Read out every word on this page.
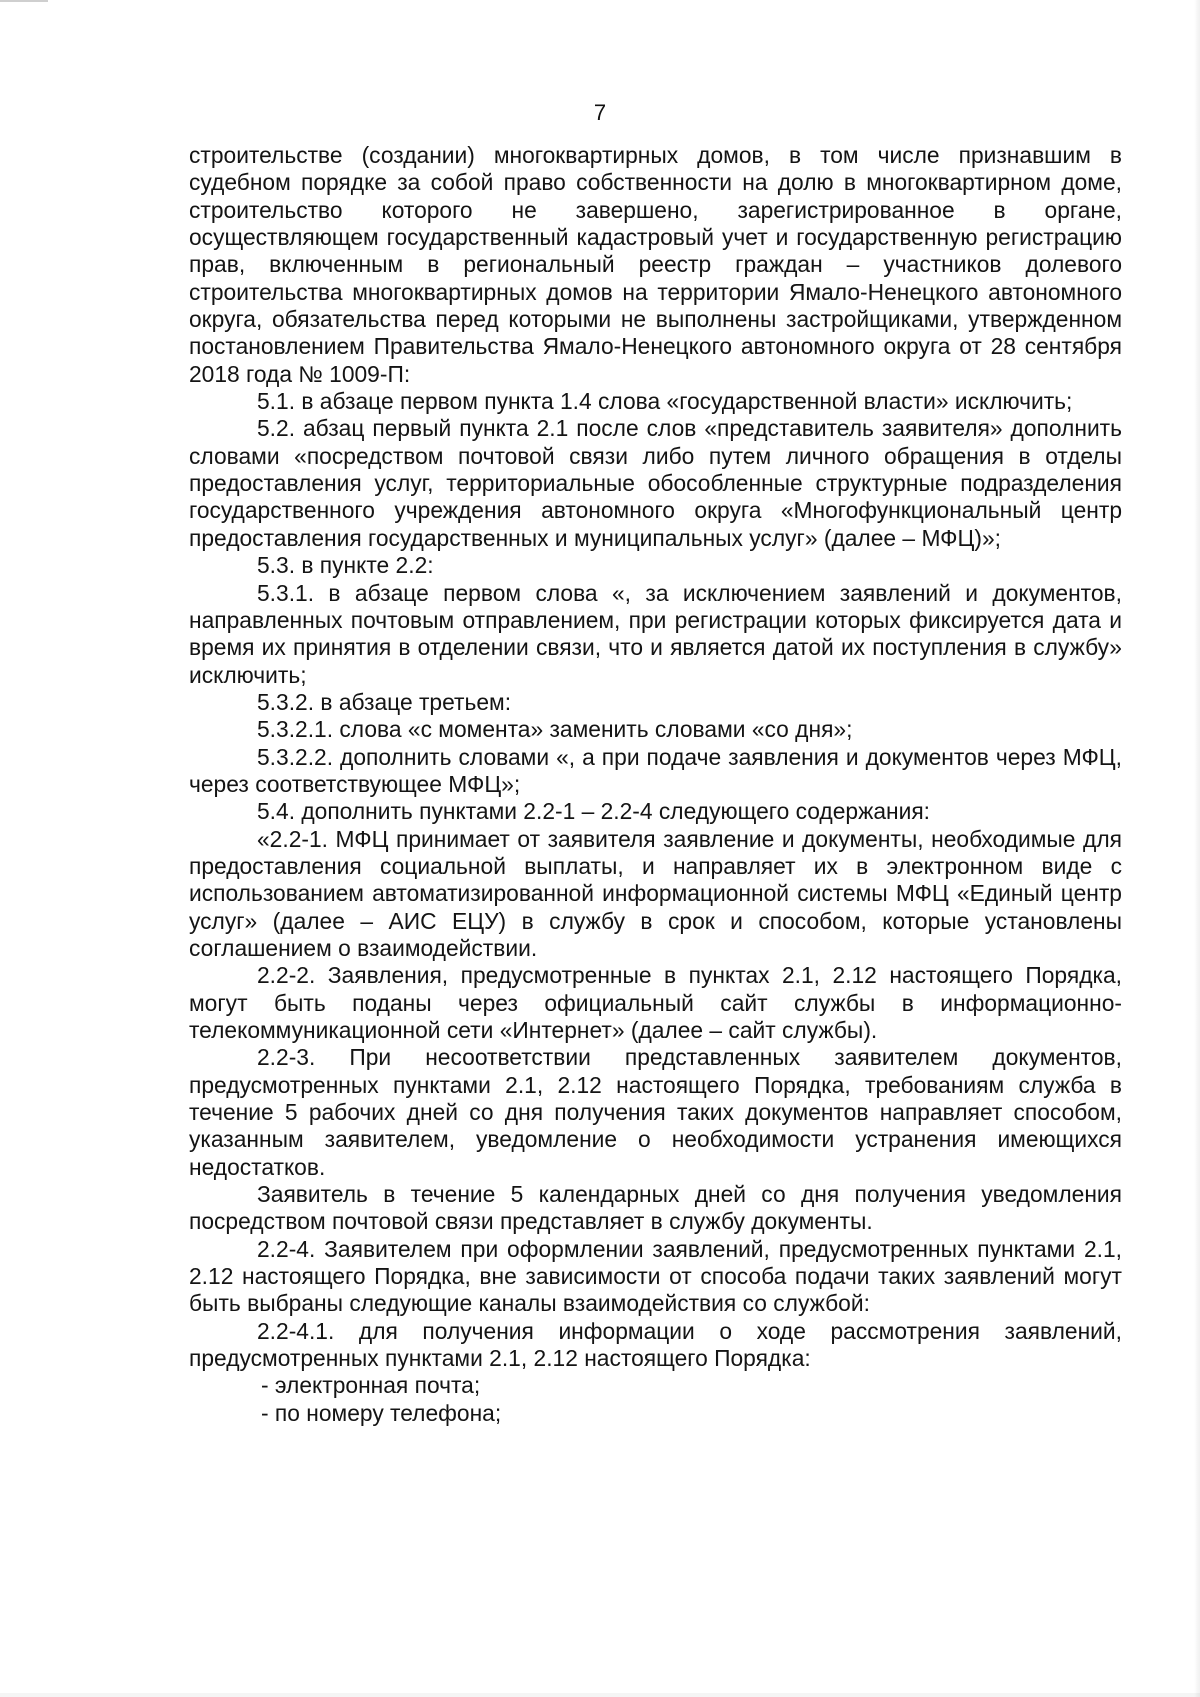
7

строительстве (создании) многоквартирных домов, в том числе признавшим в судебном порядке за собой право собственности на долю в многоквартирном доме, строительство которого не завершено, зарегистрированное в органе, осуществляющем государственный кадастровый учет и государственную регистрацию прав, включенным в региональный реестр граждан – участников долевого строительства многоквартирных домов на территории Ямало-Ненецкого автономного округа, обязательства перед которыми не выполнены застройщиками, утвержденном постановлением Правительства Ямало-Ненецкого автономного округа от 28 сентября 2018 года № 1009-П:

5.1. в абзаце первом пункта 1.4 слова «государственной власти» исключить;

5.2. абзац первый пункта 2.1 после слов «представитель заявителя» дополнить словами «посредством почтовой связи либо путем личного обращения в отделы предоставления услуг, территориальные обособленные структурные подразделения государственного учреждения автономного округа «Многофункциональный центр предоставления государственных и муниципальных услуг» (далее – МФЦ)»;

5.3. в пункте 2.2:

5.3.1. в абзаце первом слова «, за исключением заявлений и документов, направленных почтовым отправлением, при регистрации которых фиксируется дата и время их принятия в отделении связи, что и является датой их поступления в службу» исключить;

5.3.2. в абзаце третьем:

5.3.2.1. слова «с момента» заменить словами «со дня»;

5.3.2.2. дополнить словами «, а при подаче заявления и документов через МФЦ, через соответствующее МФЦ»;

5.4. дополнить пунктами 2.2-1 – 2.2-4 следующего содержания:

«2.2-1. МФЦ принимает от заявителя заявление и документы, необходимые для предоставления социальной выплаты, и направляет их в электронном виде с использованием автоматизированной информационной системы МФЦ «Единый центр услуг» (далее – АИС ЕЦУ) в службу в срок и способом, которые установлены соглашением о взаимодействии.

2.2-2. Заявления, предусмотренные в пунктах 2.1, 2.12 настоящего Порядка, могут быть поданы через официальный сайт службы в информационно-телекоммуникационной сети «Интернет» (далее – сайт службы).

2.2-3. При несоответствии представленных заявителем документов, предусмотренных пунктами 2.1, 2.12 настоящего Порядка, требованиям служба в течение 5 рабочих дней со дня получения таких документов направляет способом, указанным заявителем, уведомление о необходимости устранения имеющихся недостатков.

Заявитель в течение 5 календарных дней со дня получения уведомления посредством почтовой связи представляет в службу документы.

2.2-4. Заявителем при оформлении заявлений, предусмотренных пунктами 2.1, 2.12 настоящего Порядка, вне зависимости от способа подачи таких заявлений могут быть выбраны следующие каналы взаимодействия со службой:

2.2-4.1. для получения информации о ходе рассмотрения заявлений, предусмотренных пунктами 2.1, 2.12 настоящего Порядка:

- электронная почта;

- по номеру телефона;
